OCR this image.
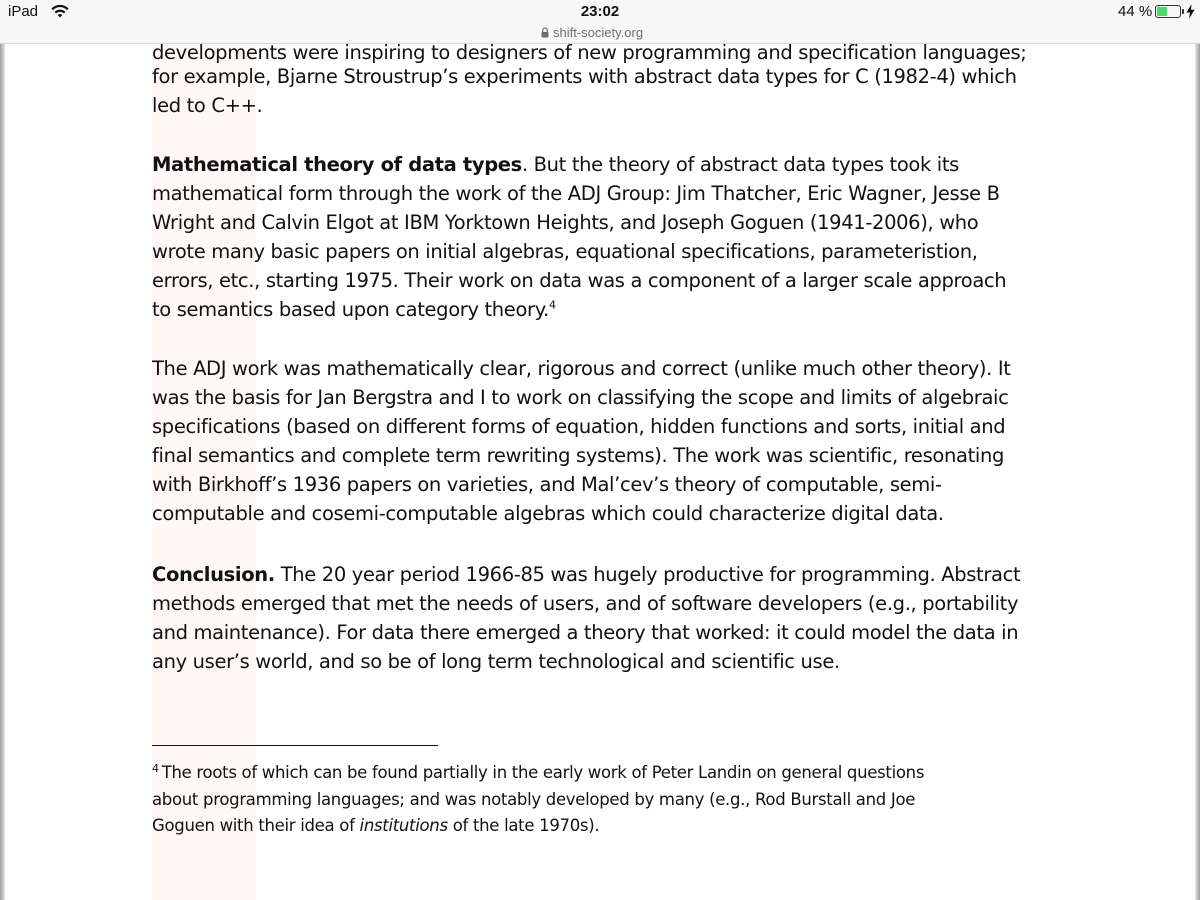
iPad	23:02	44 %
shift-society.org
developments were inspiring to designers of new programming and specification languages;
for example, Bjarne Stroustrup’s experiments with abstract data types for C (1982-4) which
led to C++.
Mathematical theory of data types. But the theory of abstract data types took its
mathematical form through the work of the ADJ Group: Jim Thatcher, Eric Wagner, Jesse B
Wright and Calvin Elgot at IBM Yorktown Heights, and Joseph Goguen (1941-2006), who
wrote many basic papers on initial algebras, equational specifications, parameteristion,
errors, etc., starting 1975. Their work on data was a component of a larger scale approach
to semantics based upon category theory.$^4$
The ADJ work was mathematically clear, rigorous and correct (unlike much other theory). It
was the basis for Jan Bergstra and I to work on classifying the scope and limits of algebraic
specifications (based on different forms of equation, hidden functions and sorts, initial and
final semantics and complete term rewriting systems). The work was scientific, resonating
with Birkhoff’s 1936 papers on varieties, and Mal’cev’s theory of computable, semi-
computable and cosemi-computable algebras which could characterize digital data.
Conclusion. The 20 year period 1966-85 was hugely productive for programming. Abstract
methods emerged that met the needs of users, and of software developers (e.g., portability
and maintenance). For data there emerged a theory that worked: it could model the data in
any user’s world, and so be of long term technological and scientific use.
$^4$ The roots of which can be found partially in the early work of Peter Landin on general questions
about programming languages; and was notably developed by many (e.g., Rod Burstall and Joe
Goguen with their idea of institutions of the late 1970s).
